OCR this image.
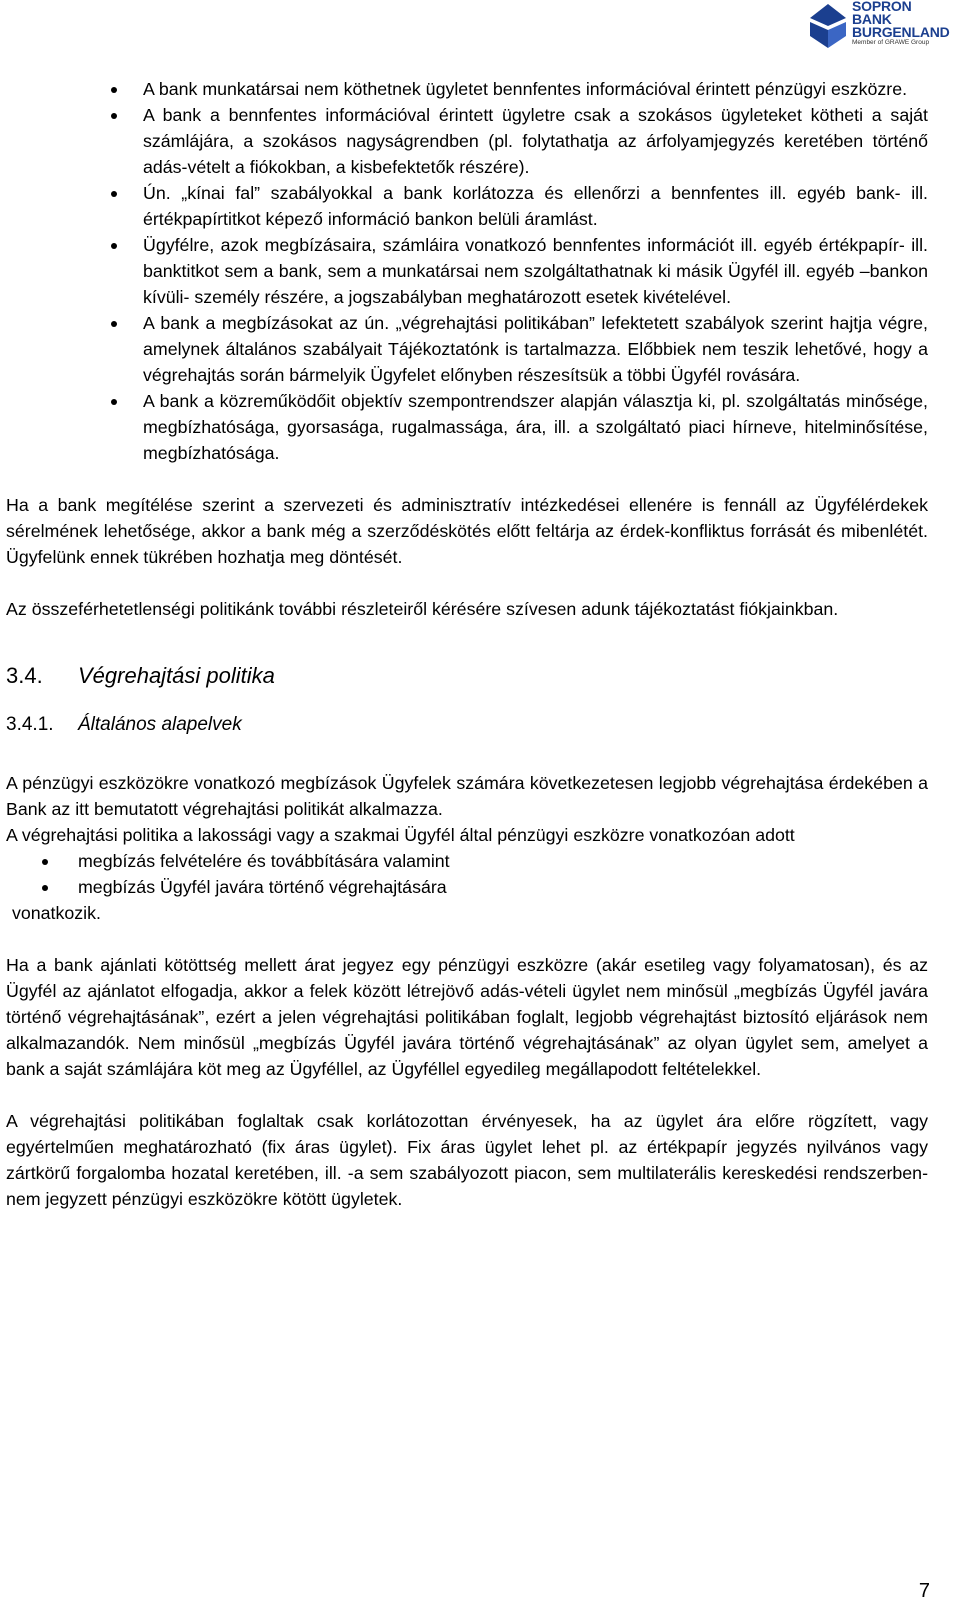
SOPRON
BANK
BURGENLAND
Member of GRAWE Group
A bank munkatársai nem köthetnek ügyletet bennfentes információval érintett pénzügyi eszközre.
A bank a bennfentes információval érintett ügyletre csak a szokásos ügyleteket kötheti a saját számlájára, a szokásos nagyságrendben (pl. folytathatja az árfolyamjegyzés keretében történő adás-vételt a fiókokban, a kisbefektetők részére).
Ún. „kínai fal” szabályokkal a bank korlátozza és ellenőrzi a bennfentes ill. egyéb bank- ill. értékpapírtitkot képező információ bankon belüli áramlást.
Ügyfélre, azok megbízásaira, számláira vonatkozó bennfentes információt ill. egyéb értékpapír- ill. banktitkot sem a bank, sem a munkatársai nem szolgáltathatnak ki másik Ügyfél ill. egyéb –bankon kívüli- személy részére, a jogszabályban meghatározott esetek kivételével.
A bank a megbízásokat az ún. „végrehajtási politikában” lefektetett szabályok szerint hajtja végre, amelynek általános szabályait Tájékoztatónk is tartalmazza. Előbbiek nem teszik lehetővé, hogy a végrehajtás során bármelyik Ügyfelet előnyben részesítsük a többi Ügyfél rovására.
A bank a közreműködőit objektív szempontrendszer alapján választja ki, pl. szolgáltatás minősége, megbízhatósága, gyorsasága, rugalmassága, ára, ill. a szolgáltató piaci hírneve, hitelminősítése, megbízhatósága.

Ha a bank megítélése szerint a szervezeti és adminisztratív intézkedései ellenére is fennáll az Ügyfélérdekek sérelmének lehetősége, akkor a bank még a szerződéskötés előtt feltárja az érdek-konfliktus forrását és mibenlétét. Ügyfelünk ennek tükrében hozhatja meg döntését.

Az összeférhetetlenségi politikánk további részleteiről kérésére szívesen adunk tájékoztatást fiókjainkban.

3.4.	Végrehajtási politika
3.4.1.	Általános alapelvek

A pénzügyi eszközökre vonatkozó megbízások Ügyfelek számára következetesen legjobb végrehajtása érdekében a Bank az itt bemutatott végrehajtási politikát alkalmazza.

A végrehajtási politika a lakossági vagy a szakmai Ügyfél által pénzügyi eszközre vonatkozóan adott

megbízás felvételére és továbbítására valamint
megbízás Ügyfél javára történő végrehajtására

vonatkozik.

Ha a bank ajánlati kötöttség mellett árat jegyez egy pénzügyi eszközre (akár esetileg vagy folyamatosan), és az Ügyfél az ajánlatot elfogadja, akkor a felek között létrejövő adás-vételi ügylet nem minősül „megbízás Ügyfél javára történő végrehajtásának”, ezért a jelen végrehajtási politikában foglalt, legjobb végrehajtást biztosító eljárások nem alkalmazandók. Nem minősül „megbízás Ügyfél javára történő végrehajtásának” az olyan ügylet sem, amelyet a bank a saját számlájára köt meg az Ügyféllel, az Ügyféllel egyedileg megállapodott feltételekkel.

A végrehajtási politikában foglaltak csak korlátozottan érvényesek, ha az ügylet ára előre rögzített, vagy egyértelműen meghatározható (fix áras ügylet). Fix áras ügylet lehet pl. az értékpapír jegyzés nyilvános vagy zártkörű forgalomba hozatal keretében, ill. -a sem szabályozott piacon, sem multilaterális kereskedési rendszerben- nem jegyzett pénzügyi eszközökre kötött ügyletek.

7
